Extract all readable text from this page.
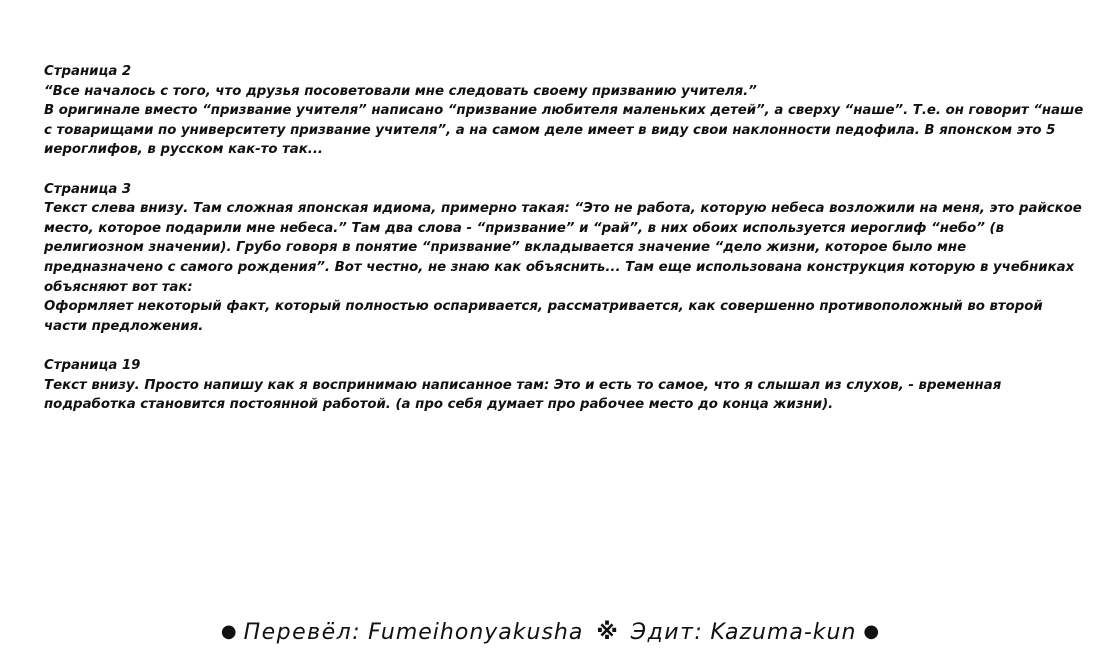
Страница 2

“Все началось с того, что друзья посоветовали мне следовать своему призванию учителя.”

В оригинале вместо “призвание учителя” написано “призвание любителя маленьких детей”, а сверху “наше”. Т.е. он говорит “наше с товарищами по университету призвание учителя”, а на самом деле имеет в виду свои наклонности педофила. В японском это 5 иероглифов, в русском как-то так...

Страница 3

Текст слева внизу. Там сложная японская идиома, примерно такая: “Это не работа, которую небеса возложили на меня, это райское место, которое подарили мне небеса.” Там два слова - “призвание” и “рай”, в них обоих используется иероглиф “небо” (в религиозном значении). Грубо говоря в понятие “призвание” вкладывается значение “дело жизни, которое было мне предназначено с самого рождения”. Вот честно, не знаю как объяснить... Там еще использована конструкция которую в учебниках объясняют вот так:

Оформляет некоторый факт, который полностью оспаривается, рассматривается, как совершенно противоположный во второй части предложения.

Страница 19

Текст внизу. Просто напишу как я воспринимаю написанное там: Это и есть то самое, что я слышал из слухов, - временная подработка становится постоянной работой. (а про себя думает про рабочее место до конца жизни).

● Перевёл: Fumeihonyakusha ※ Эдит: Kazuma-kun ●
